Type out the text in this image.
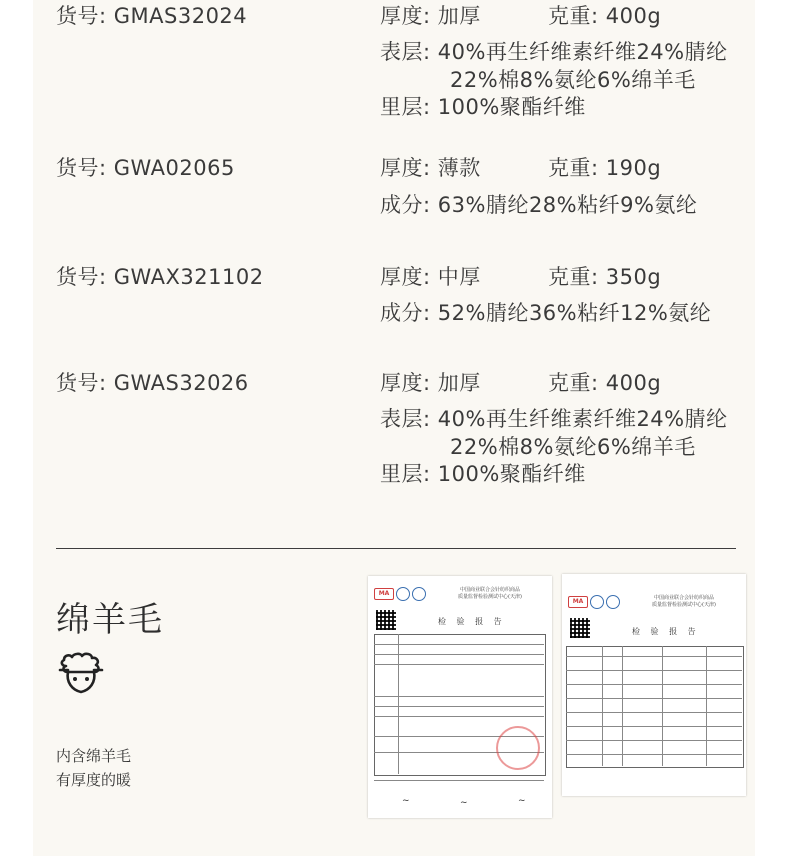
货号: GMAS32024	厚度: 加厚	克重: 400g
表层: 40%再生纤维素纤维24%腈纶
22%棉8%氨纶6%绵羊毛
里层: 100%聚酯纤维
货号: GWA02065	厚度: 薄款	克重: 190g
成分: 63%腈纶28%粘纤9%氨纶
货号: GWAX321102	厚度: 中厚	克重: 350g
成分: 52%腈纶36%粘纤12%氨纶
货号: GWAS32026	厚度: 加厚	克重: 400g
表层: 40%再生纤维素纤维24%腈纶
22%棉8%氨纶6%绵羊毛
里层: 100%聚酯纤维
绵羊毛
内含绵羊毛
有厚度的暖
MA	中国商业联合会针纺织商品
质量监督检验测试中心(天津)
检 验 报 告
~	~	~
MA	中国商业联合会针纺织商品
质量监督检验测试中心(天津)
检 验 报 告
